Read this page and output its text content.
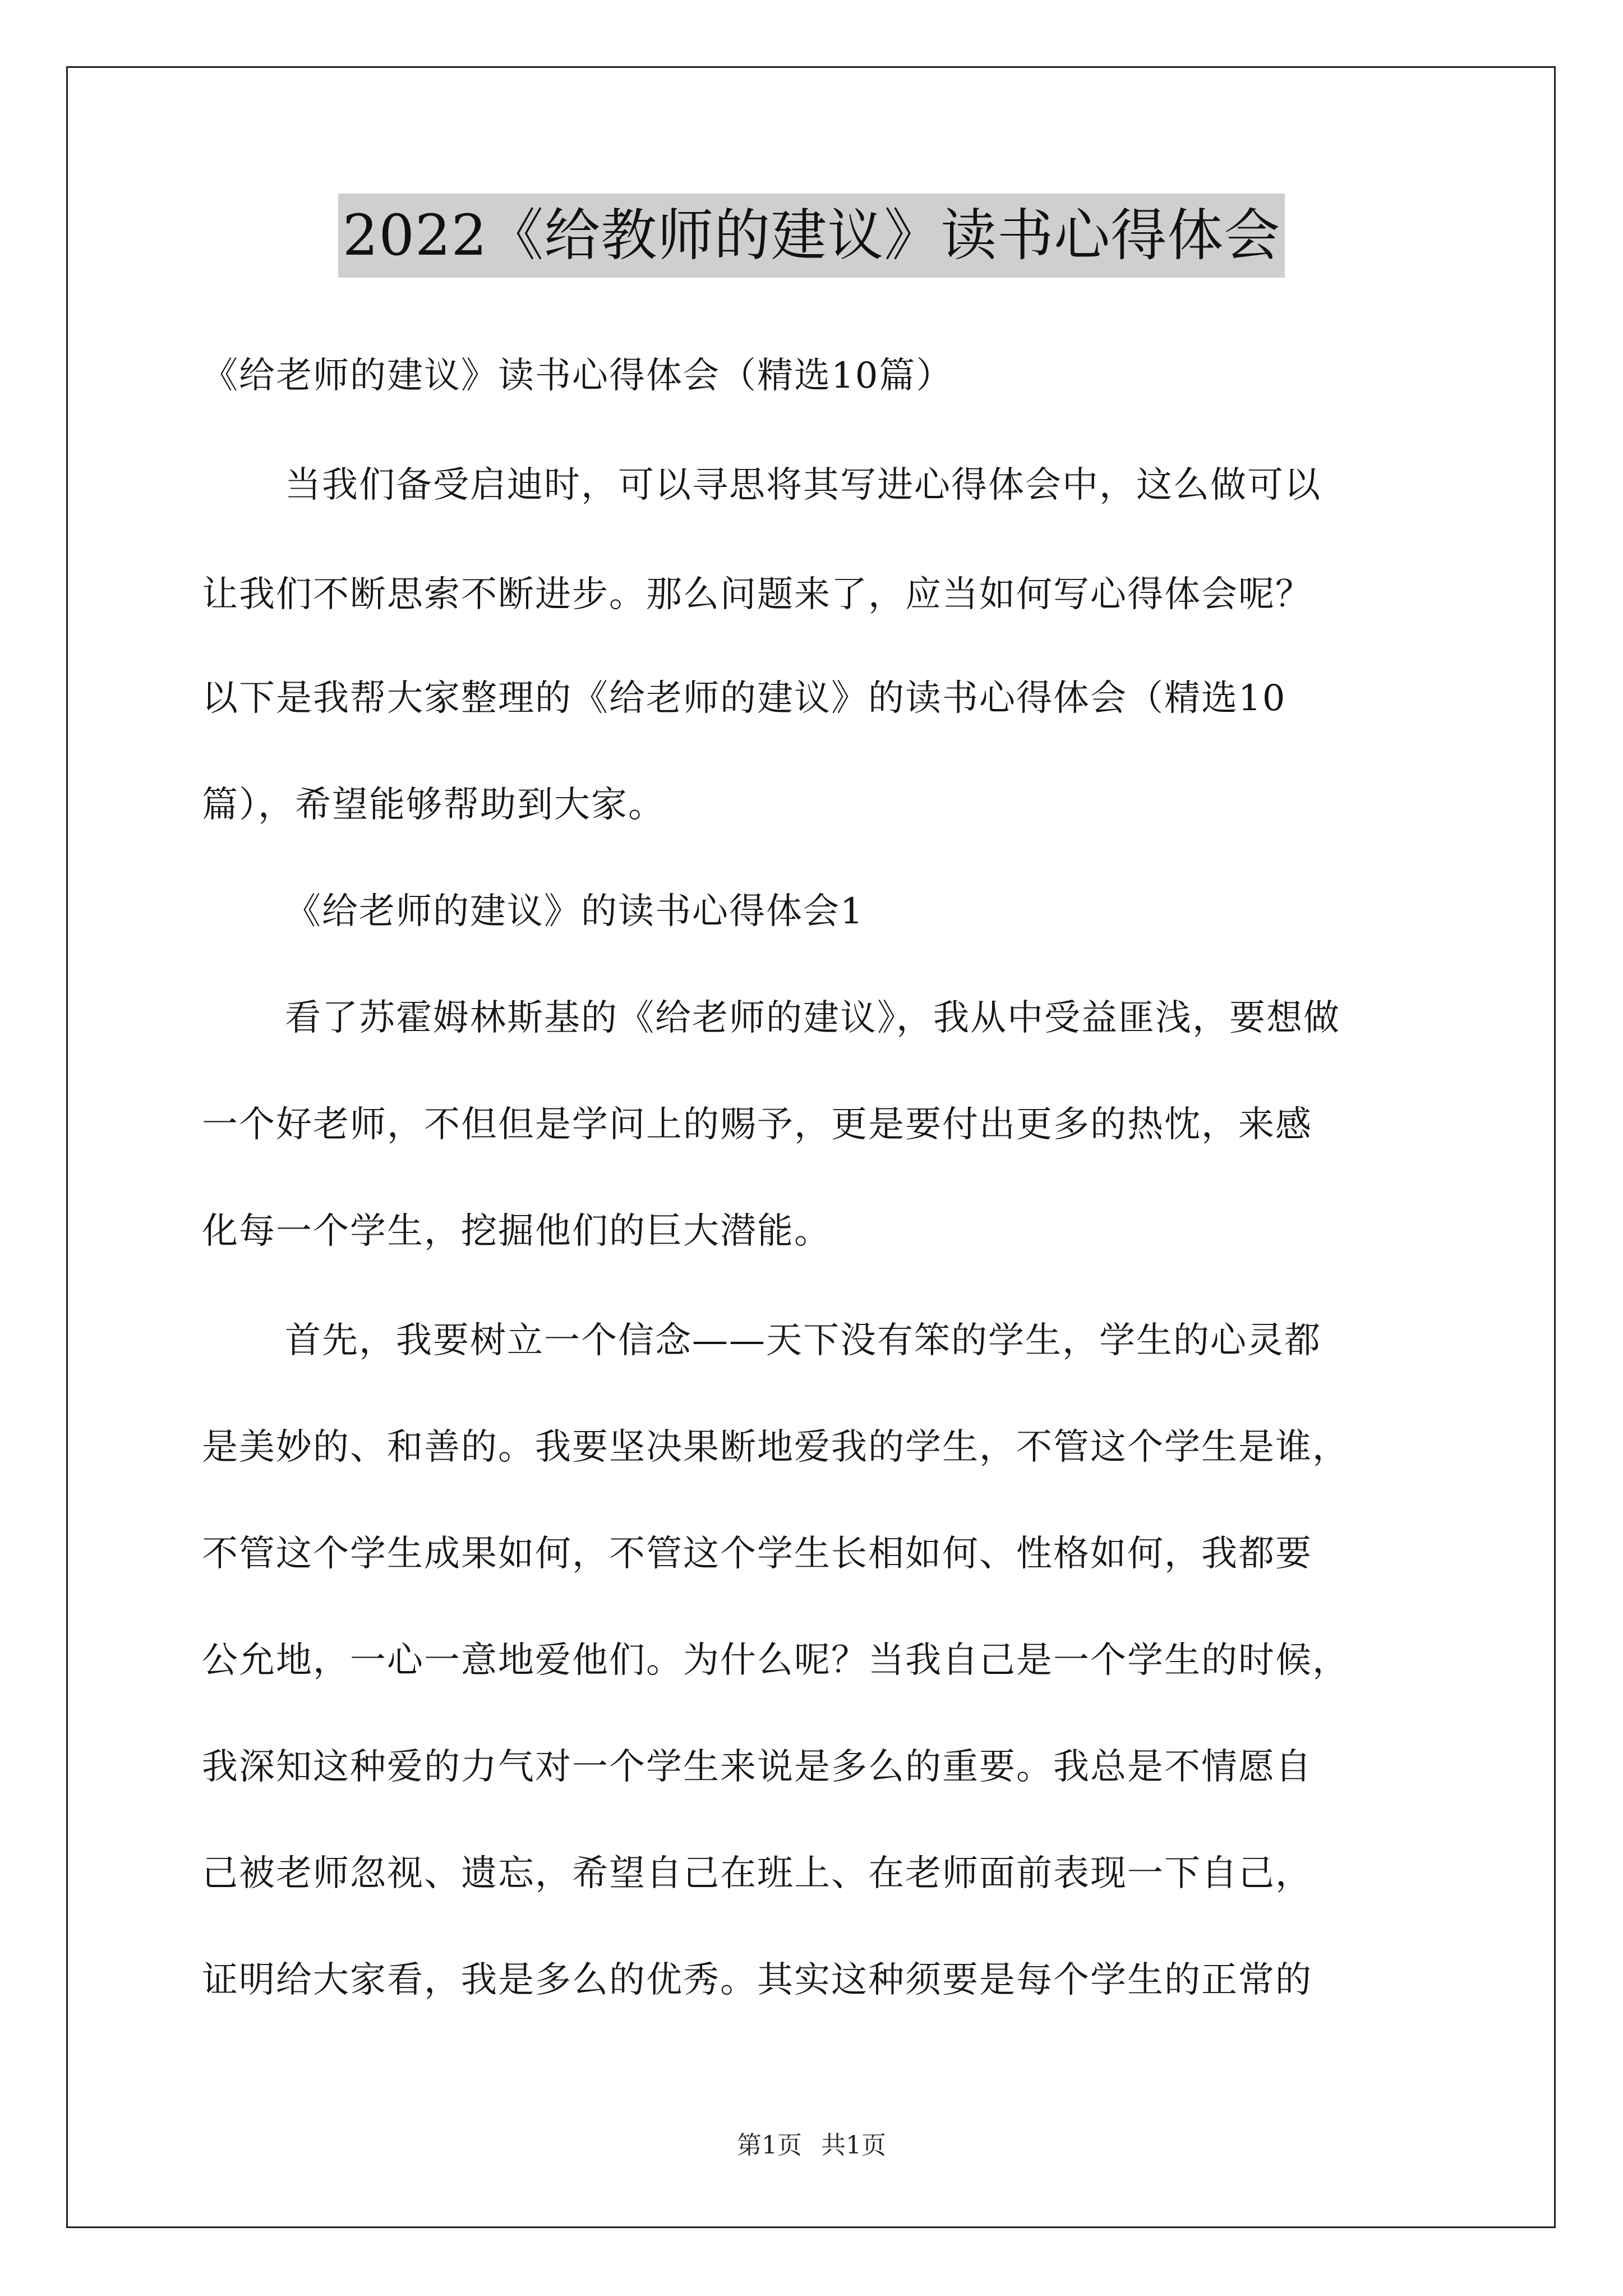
2022《给教师的建议》读书心得体会
《给老师的建议》读书心得体会（精选10篇）
当我们备受启迪时，可以寻思将其写进心得体会中，这么做可以
让我们不断思索不断进步。那么问题来了，应当如何写心得体会呢？
以下是我帮大家整理的《给老师的建议》的读书心得体会（精选10
篇），希望能够帮助到大家。
《给老师的建议》的读书心得体会1
看了苏霍姆林斯基的《给老师的建议》，我从中受益匪浅，要想做
一个好老师，不但但是学问上的赐予，更是要付出更多的热忱，来感
化每一个学生，挖掘他们的巨大潜能。
首先，我要树立一个信念——天下没有笨的学生，学生的心灵都
是美妙的、和善的。我要坚决果断地爱我的学生，不管这个学生是谁，
不管这个学生成果如何，不管这个学生长相如何、性格如何，我都要
公允地，一心一意地爱他们。为什么呢？当我自己是一个学生的时候，
我深知这种爱的力气对一个学生来说是多么的重要。我总是不情愿自
己被老师忽视、遗忘，希望自己在班上、在老师面前表现一下自己，
证明给大家看，我是多么的优秀。其实这种须要是每个学生的正常的
第1页 共1页
